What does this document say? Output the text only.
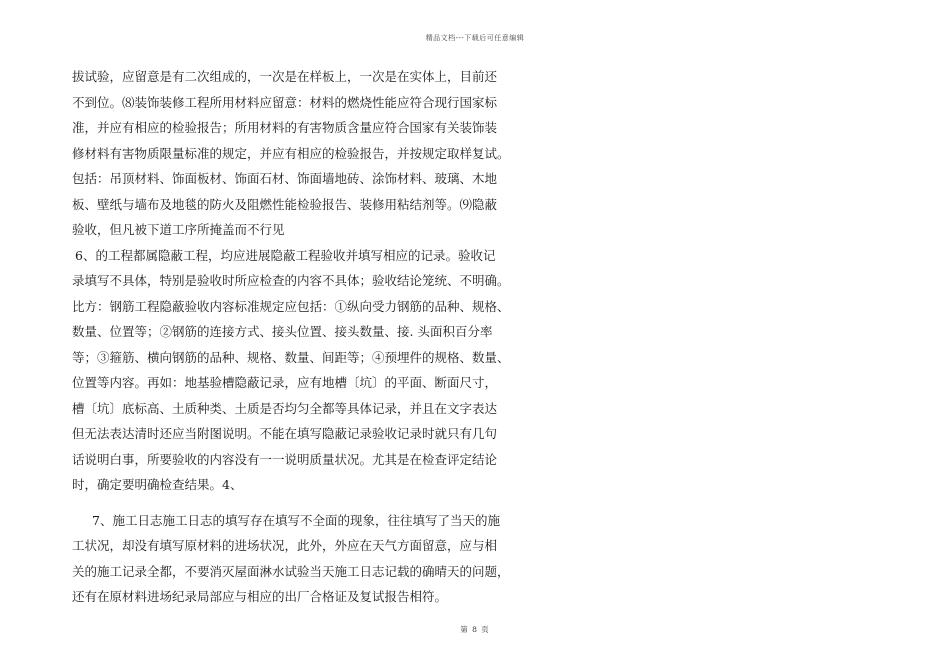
精品文档---下载后可任意编辑
拔试验，应留意是有二次组成的，一次是在样板上，一次是在实体上，目前还
不到位。⑻装饰装修工程所用材料应留意：材料的燃烧性能应符合现行国家标
准，并应有相应的检验报告；所用材料的有害物质含量应符合国家有关装饰装
修材料有害物质限量标准的规定，并应有相应的检验报告，并按规定取样复试。
包括：吊顶材料、饰面板材、饰面石材、饰面墙地砖、涂饰材料、玻璃、木地
板、壁纸与墙布及地毯的防火及阻燃性能检验报告、装修用粘结剂等。⑼隐蔽
验收，但凡被下道工序所掩盖而不行见
6、的工程都属隐蔽工程，均应进展隐蔽工程验收并填写相应的记录。验收记
录填写不具体，特别是验收时所应检查的内容不具体；验收结论笼统、不明确。
比方：钢筋工程隐蔽验收内容标准规定应包括：①纵向受力钢筋的品种、规格、
数量、位置等；②钢筋的连接方式、接头位置、接头数量、接. 头面积百分率
等；③箍筋、横向钢筋的品种、规格、数量、间距等；④预埋件的规格、数量、
位置等内容。再如：地基验槽隐蔽记录，应有地槽〔坑〕的平面、断面尺寸，
槽〔坑〕底标高、土质种类、土质是否均匀全都等具体记录，并且在文字表达
但无法表达清时还应当附图说明。不能在填写隐蔽记录验收记录时就只有几句
话说明白事，所要验收的内容没有一一说明质量状况。尤其是在检查评定结论
时，确定要明确检查结果。4、
7、施工日志施工日志的填写存在填写不全面的现象，往往填写了当天的施
工状况，却没有填写原材料的进场状况，此外，外应在天气方面留意，应与相
关的施工记录全都，不要消灭屋面淋水试验当天施工日志记载的确晴天的问题，
还有在原材料进场纪录局部应与相应的出厂合格证及复试报告相符。
第 8 页
